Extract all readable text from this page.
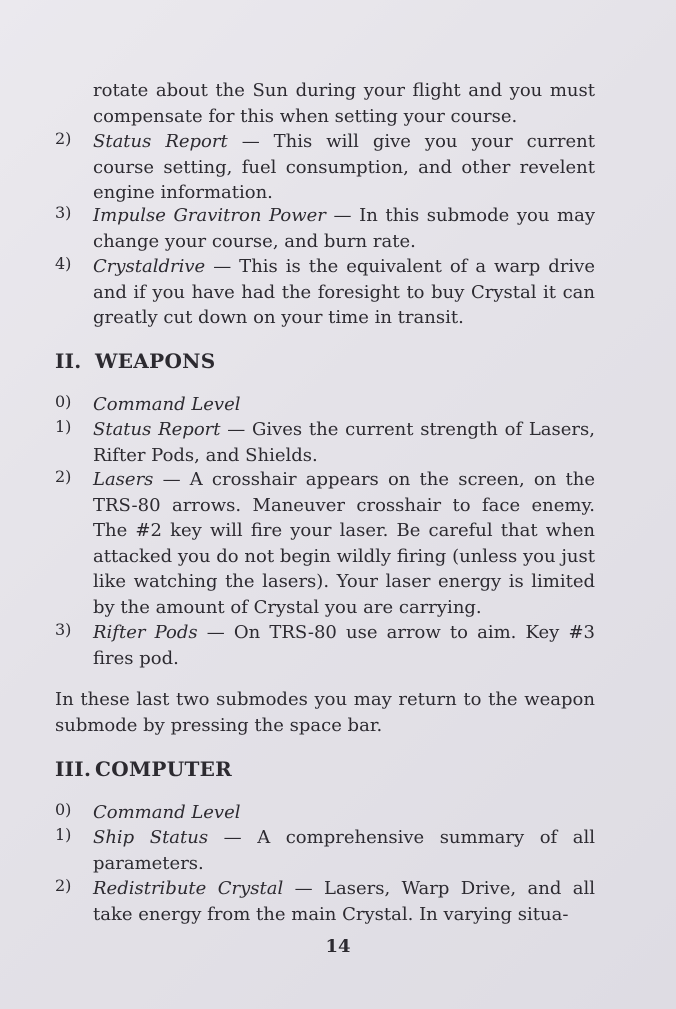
rotate about the Sun during your flight and you must compensate for this when setting your course.
2)	Status Report — This will give you your current course setting, fuel consumption, and other revelent engine information.
3)	Impulse Gravitron Power — In this submode you may change your course, and burn rate.
4)	Crystaldrive — This is the equivalent of a warp drive and if you have had the foresight to buy Crystal it can greatly cut down on your time in transit.
II. WEAPONS
0)	Command Level
1)	Status Report — Gives the current strength of Lasers, Rifter Pods, and Shields.
2)	Lasers — A crosshair appears on the screen, on the TRS-80 arrows. Maneuver crosshair to face enemy. The #2 key will fire your laser. Be careful that when attacked you do not begin wildly firing (unless you just like watching the lasers). Your laser energy is limited by the amount of Crystal you are carrying.
3)	Rifter Pods — On TRS-80 use arrow to aim. Key #3 fires pod.
In these last two submodes you may return to the weapon submode by pressing the space bar.
III. COMPUTER
0)	Command Level
1)	Ship Status — A comprehensive summary of all parameters.
2)	Redistribute Crystal — Lasers, Warp Drive, and all take energy from the main Crystal. In varying situa-
14
